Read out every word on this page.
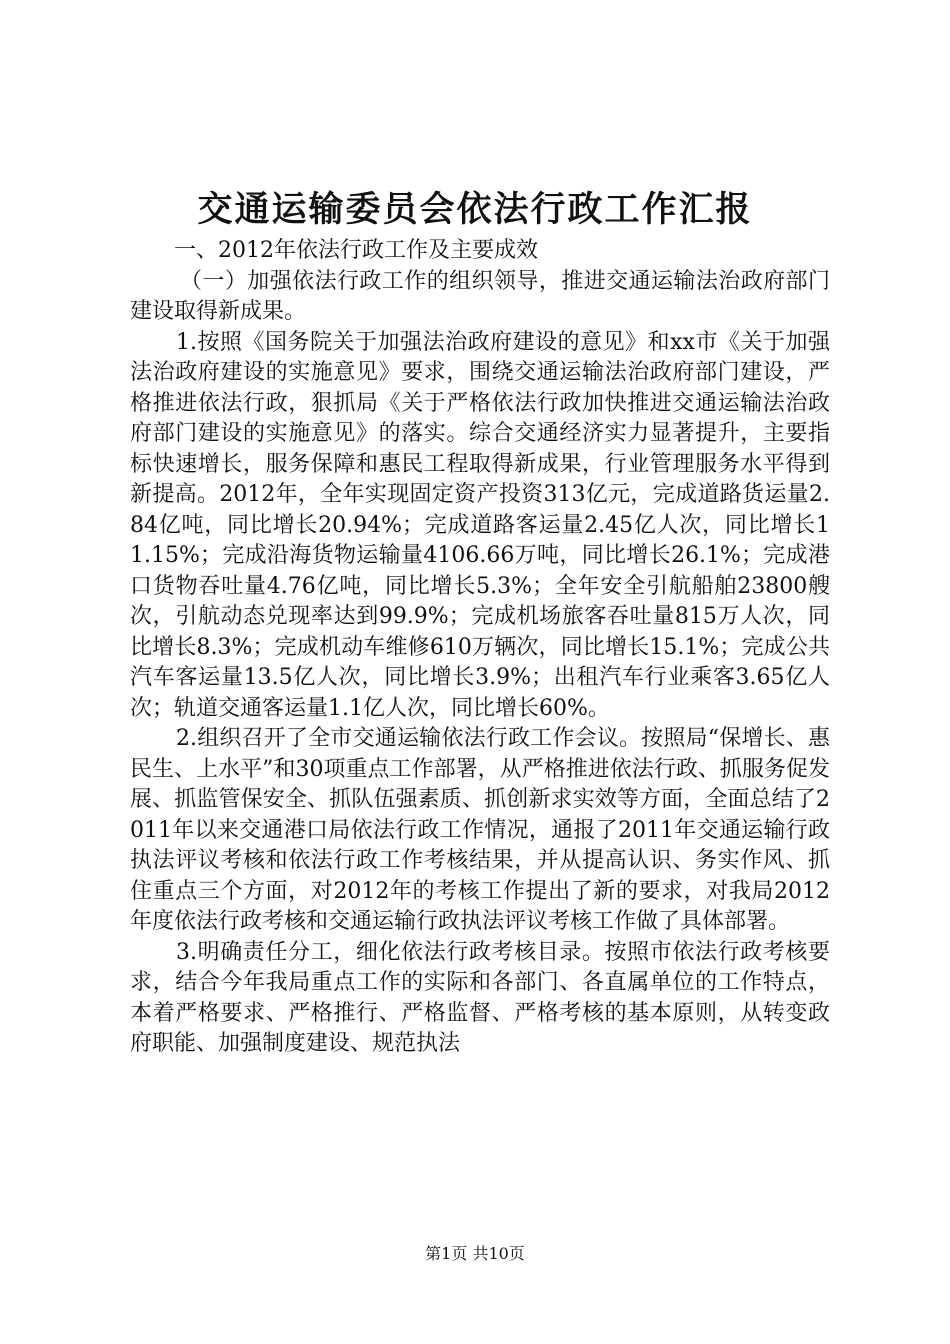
交通运输委员会依法行政工作汇报

一、2012年依法行政工作及主要成效

（一）加强依法行政工作的组织领导，推进交通运输法治政府部门建设取得新成果。

1.按照《国务院关于加强法治政府建设的意见》和xx市《关于加强法治政府建设的实施意见》要求，围绕交通运输法治政府部门建设，严格推进依法行政，狠抓局《关于严格依法行政加快推进交通运输法治政府部门建设的实施意见》的落实。综合交通经济实力显著提升，主要指标快速增长，服务保障和惠民工程取得新成果，行业管理服务水平得到新提高。2012年，全年实现固定资产投资313亿元，完成道路货运量2.84亿吨，同比增长20.94%；完成道路客运量2.45亿人次，同比增长11.15%；完成沿海货物运输量4106.66万吨，同比增长26.1%；完成港口货物吞吐量4.76亿吨，同比增长5.3%；全年安全引航船舶23800艘次，引航动态兑现率达到99.9%；完成机场旅客吞吐量815万人次，同比增长8.3%；完成机动车维修610万辆次，同比增长15.1%；完成公共汽车客运量13.5亿人次，同比增长3.9%；出租汽车行业乘客3.65亿人次；轨道交通客运量1.1亿人次，同比增长60%。

2.组织召开了全市交通运输依法行政工作会议。按照局“保增长、惠民生、上水平”和30项重点工作部署，从严格推进依法行政、抓服务促发展、抓监管保安全、抓队伍强素质、抓创新求实效等方面，全面总结了2011年以来交通港口局依法行政工作情况，通报了2011年交通运输行政执法评议考核和依法行政工作考核结果，并从提高认识、务实作风、抓住重点三个方面，对2012年的考核工作提出了新的要求，对我局2012年度依法行政考核和交通运输行政执法评议考核工作做了具体部署。

3.明确责任分工，细化依法行政考核目录。按照市依法行政考核要求，结合今年我局重点工作的实际和各部门、各直属单位的工作特点，本着严格要求、严格推行、严格监督、严格考核的基本原则，从转变政府职能、加强制度建设、规范执法

第1页 共10页
